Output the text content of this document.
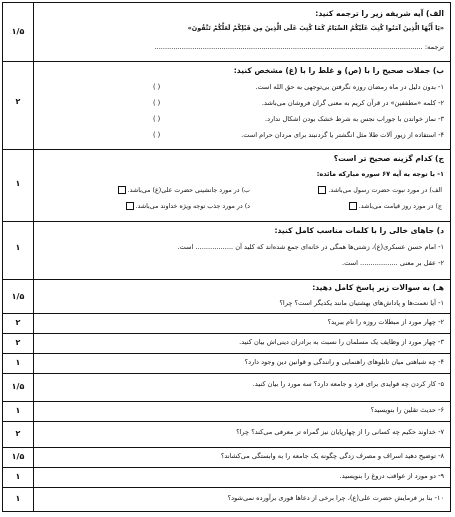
۱/۵
الف) آیه شریفه زیر را ترجمه کنید:
«يَا أَيُّهَا الَّذِينَ آمَنُوا كُتِبَ عَلَيْكُمُ الصِّيَامُ كَمَا كُتِبَ عَلَى الَّذِينَ مِن قَبْلِكُمْ لَعَلَّكُمْ تَتَّقُونَ»
ترجمه: ................................................................................................................................
۲
ب) جملات صحیح را با (ص) و غلط را با (غ) مشخص کنید:
۱- بدون دلیل در ماه رمضان روزه نگرفتن بی‌توجهی به حق الله است.
( )
۲- کلمه «مطففین» در قرآن کریم به معنی گران فروشان می‌باشد.
( )
۳- نماز خواندن با جوراب نجس به شرط خشک بودن اشکال ندارد.
( )
۴- استفاده از زیور آلات طلا مثل انگشتر یا گردنبند برای مردان حرام است.
( )
۱
ج) کدام گزینه صحیح تر است؟
۱- با توجه به آیه ۶۷ سوره مبارکه مائده:
الف) در مورد نبوت حضرت رسول می‌باشد.
ب) در مورد جانشینی حضرت علی(ع) می‌باشد.
ج) در مورد روز قیامت می‌باشد.
د) در مورد جذب توجه ویژه خداوند می‌باشد.
۱
د) جاهای خالی را با کلمات مناسب کامل کنید:
۱- امام حسن عسکری(ع)، زشتی‌ها همگی در خانه‌ای جمع شده‌اند که کلید آن .................. است.
۲- عقل بر معنی .................. است.
۱/۵
هـ) به سوالات زیر پاسخ کامل دهید:
۱- آیا نعمت‌ها و پاداش‌های بهشتیان مانند یکدیگر است؟ چرا؟
۲	۲- چهار مورد از مبطلات روزه را نام ببرید؟
۲	۳- چهار مورد از وظایف یک مسلمان را نسبت به برادران دینی‌اش بیان کنید.
۱	۴- چه شباهتی میان تابلوهای راهنمایی و رانندگی و قوانین دین وجود دارد؟
۱/۵	۵- کار کردن چه فوایدی برای فرد و جامعه دارد؟ سه مورد را بیان کنید.
۱	۶- حدیث تقلین را بنویسید؟
۲	۷- خداوند حکیم چه کسانی را از چهارپایان نیز گمراه تر معرفی می‌کند؟ چرا؟
۱/۵	۸- توضیح دهید اسراف و مصرف زدگی چگونه یک جامعه را به وابستگی می‌کشاند؟
۱	۹- دو مورد از عواقب دروغ را بنویسید.
۱	۱۰- بنا بر فرمایش حضرت علی(ع)، چرا برخی از دعاها فوری برآورده نمی‌شود؟
